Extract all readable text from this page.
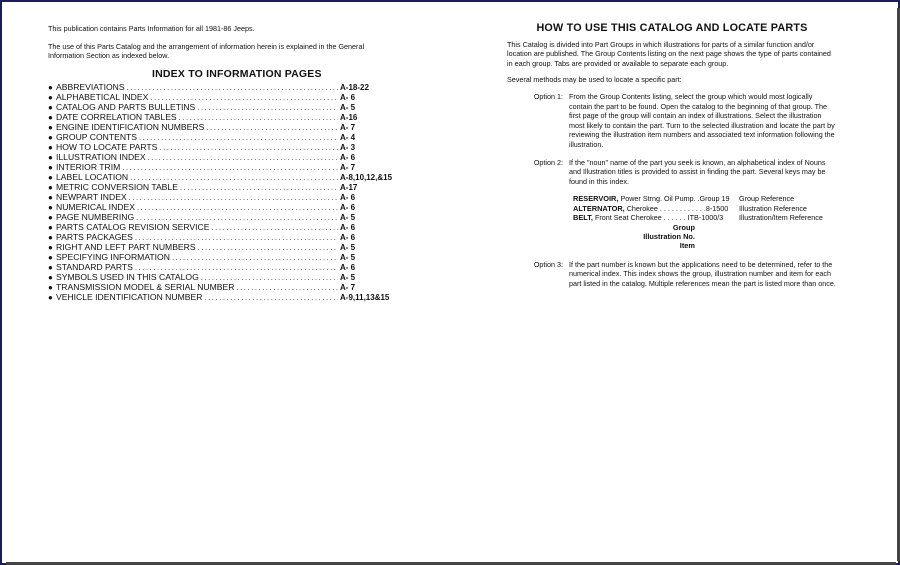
This publication contains Parts Information for all 1981-86 Jeeps.

The use of this Parts Catalog and the arrangement of information herein is explained in the General Information Section as indexed below.

INDEX TO INFORMATION PAGES
● ABBREVIATIONS .....	A-18-22
● ALPHABETICAL INDEX .....	A- 6
● CATALOG AND PARTS BULLETINS .....	A- 5
● DATE CORRELATION TABLES .....	A-16
● ENGINE IDENTIFICATION NUMBERS .....	A- 7
● GROUP CONTENTS .....	A- 4
● HOW TO LOCATE PARTS .....	A- 3
● ILLUSTRATION INDEX .....	A- 6
● INTERIOR TRIM .....	A- 7
● LABEL LOCATION .....	A-8,10,12,&15
● METRIC CONVERSION TABLE .....	A-17
● NEWPART INDEX .....	A- 6
● NUMERICAL INDEX .....	A- 6
● PAGE NUMBERING .....	A- 5
● PARTS CATALOG REVISION SERVICE .....	A- 6
● PARTS PACKAGES .....	A- 6
● RIGHT AND LEFT PART NUMBERS .....	A- 5
● SPECIFYING INFORMATION .....	A- 5
● STANDARD PARTS .....	A- 6
● SYMBOLS USED IN THIS CATALOG .....	A- 5
● TRANSMISSION MODEL & SERIAL NUMBER .....	A- 7
● VEHICLE IDENTIFICATION NUMBER .....	A-9,11,13&15
HOW TO USE THIS CATALOG AND LOCATE PARTS

This Catalog is divided into Part Groups in which illustrations for parts of a similar function and/or location are published. The Group Contents listing on the next page shows the type of parts contained in each group. Tabs are provided or available to separate each group.

Several methods may be used to locate a specific part:

Option 1: From the Group Contents listing, select the group which would most logically contain the part to be found. Open the catalog to the beginning of that group. The first page of the group will contain an index of illustrations. Select the illustration most likely to contain the part. Turn to the selected illustration and locate the part by reviewing the illustration item numbers and associated text information following the illustration.
Option 2: If the "noun" name of the part you seek is known, an alphabetical index of Nouns and Illustration titles is provided to assist in finding the part. Several keys may be found in this index.
RESERVOIR, Power Strng. Oil Pump. .Group 19	Group Reference
ALTERNATOR, Cherokee . . . . . . . . . . . .8-1500	Illustration Reference
BELT, Front Seat Cherokee . . . . . . ITB-1000/3	Illustration/Item Reference
Group
Illustration No.
Item
Option 3: If the part number is known but the applications need to be determined, refer to the numerical index. This index shows the group, illustration number and item for each part listed in the catalog. Multiple references mean the part is listed more than once.
